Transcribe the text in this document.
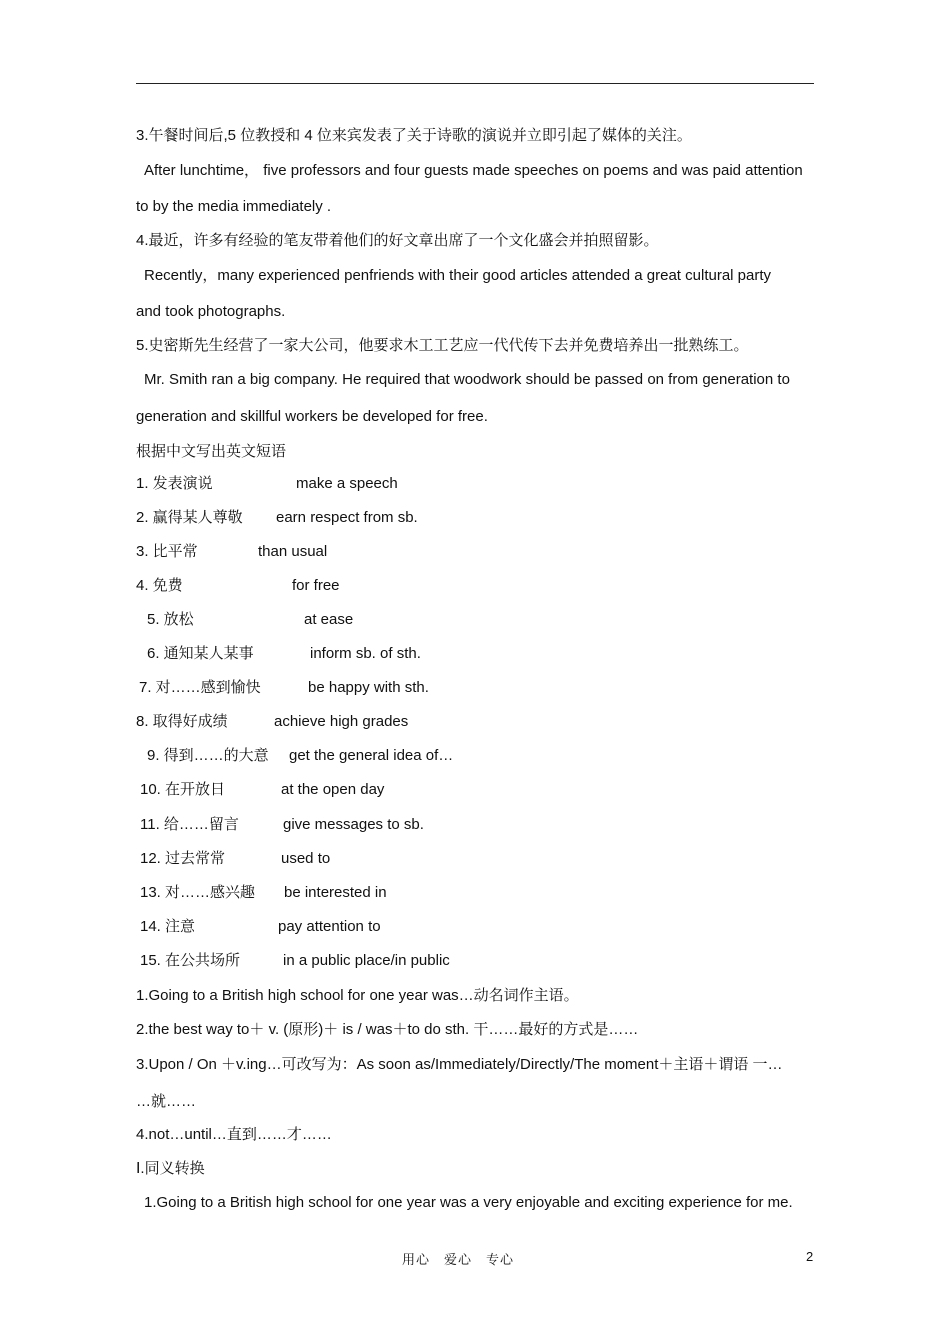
3.午餐时间后,5 位教授和 4 位来宾发表了关于诗歌的演说并立即引起了媒体的关注。
After lunchtime， five professors and four guests made speeches on poems and was paid attention
to by the media immediately .
4.最近，许多有经验的笔友带着他们的好文章出席了一个文化盛会并拍照留影。
Recently，many experienced penfriends with their good articles attended a great cultural party
and took photographs.
5.史密斯先生经营了一家大公司，他要求木工工艺应一代代传下去并免费培养出一批熟练工。
Mr. Smith ran a big company. He required that woodwork should be passed on from generation to
generation and skillful workers be developed for free.
根据中文写出英文短语
1. 发表演说	make a speech
2. 赢得某人尊敬 earn respect from sb.
3. 比平常	than usual
4. 免费	for free
5. 放松	at ease
6. 通知某人某事	inform sb. of sth.
7. 对……感到愉快	be happy with sth.
8. 取得好成绩	achieve high grades
9. 得到……的大意 get the general idea of…
10. 在开放日	at the open day
11. 给……留言	give messages to sb.
12. 过去常常	used to
13. 对……感兴趣 be interested in
14. 注意	pay attention to
15. 在公共场所	in a public place/in public
1.Going to a British high school for one year was…动名词作主语。
2.the best way to＋ v. (原形)＋ is / was＋to do sth. 干……最好的方式是……
3.Upon / On ＋v.ing…可改写为：As soon as/Immediately/Directly/The moment＋主语＋谓语 一…
…就……
4.not…until…直到……才……
Ⅰ.同义转换
1.Going to a British high school for one year was a very enjoyable and exciting experience for me.
用心　爱心　专心	2
